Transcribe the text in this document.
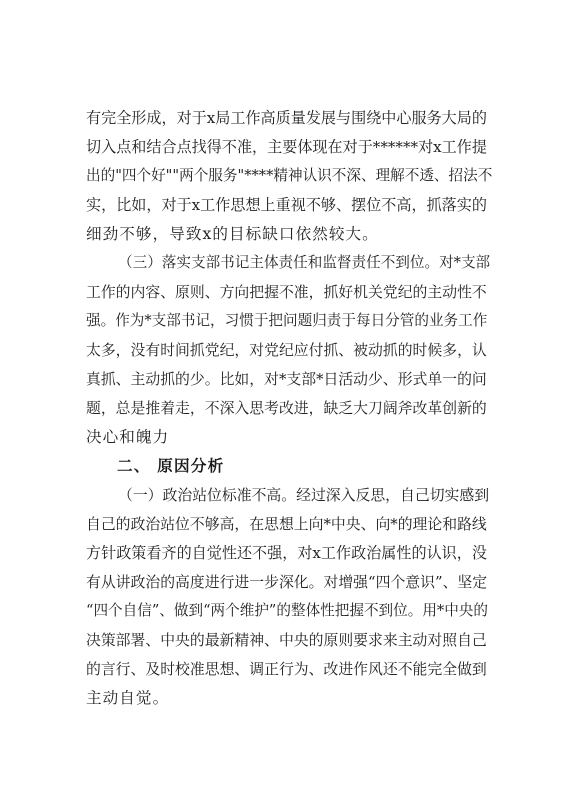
有完全形成，对于x局工作高质量发展与围绕中心服务大局的
切入点和结合点找得不准，主要体现在对于******对x工作提
出的"四个好""两个服务"****精神认识不深、理解不透、招法不
实，比如，对于x工作思想上重视不够、摆位不高，抓落实的
细劲不够，导致x的目标缺口依然较大。
（三）落实支部书记主体责任和监督责任不到位。对*支部
工作的内容、原则、方向把握不准，抓好机关党纪的主动性不
强。作为*支部书记，习惯于把问题归责于每日分管的业务工作
太多，没有时间抓党纪，对党纪应付抓、被动抓的时候多，认
真抓、主动抓的少。比如，对*支部*日活动少、形式单一的问
题，总是推着走，不深入思考改进，缺乏大刀阔斧改革创新的
决心和魄力
二、 原因分析
（一）政治站位标准不高。经过深入反思，自己切实感到
自己的政治站位不够高，在思想上向*中央、向*的理论和路线
方针政策看齐的自觉性还不强，对x工作政治属性的认识，没
有从讲政治的高度进行进一步深化。对增强“四个意识”、坚定
“四个自信”、做到“两个维护”的整体性把握不到位。用*中央的
决策部署、中央的最新精神、中央的原则要求来主动对照自己
的言行、及时校准思想、调正行为、改进作风还不能完全做到
主动自觉。
